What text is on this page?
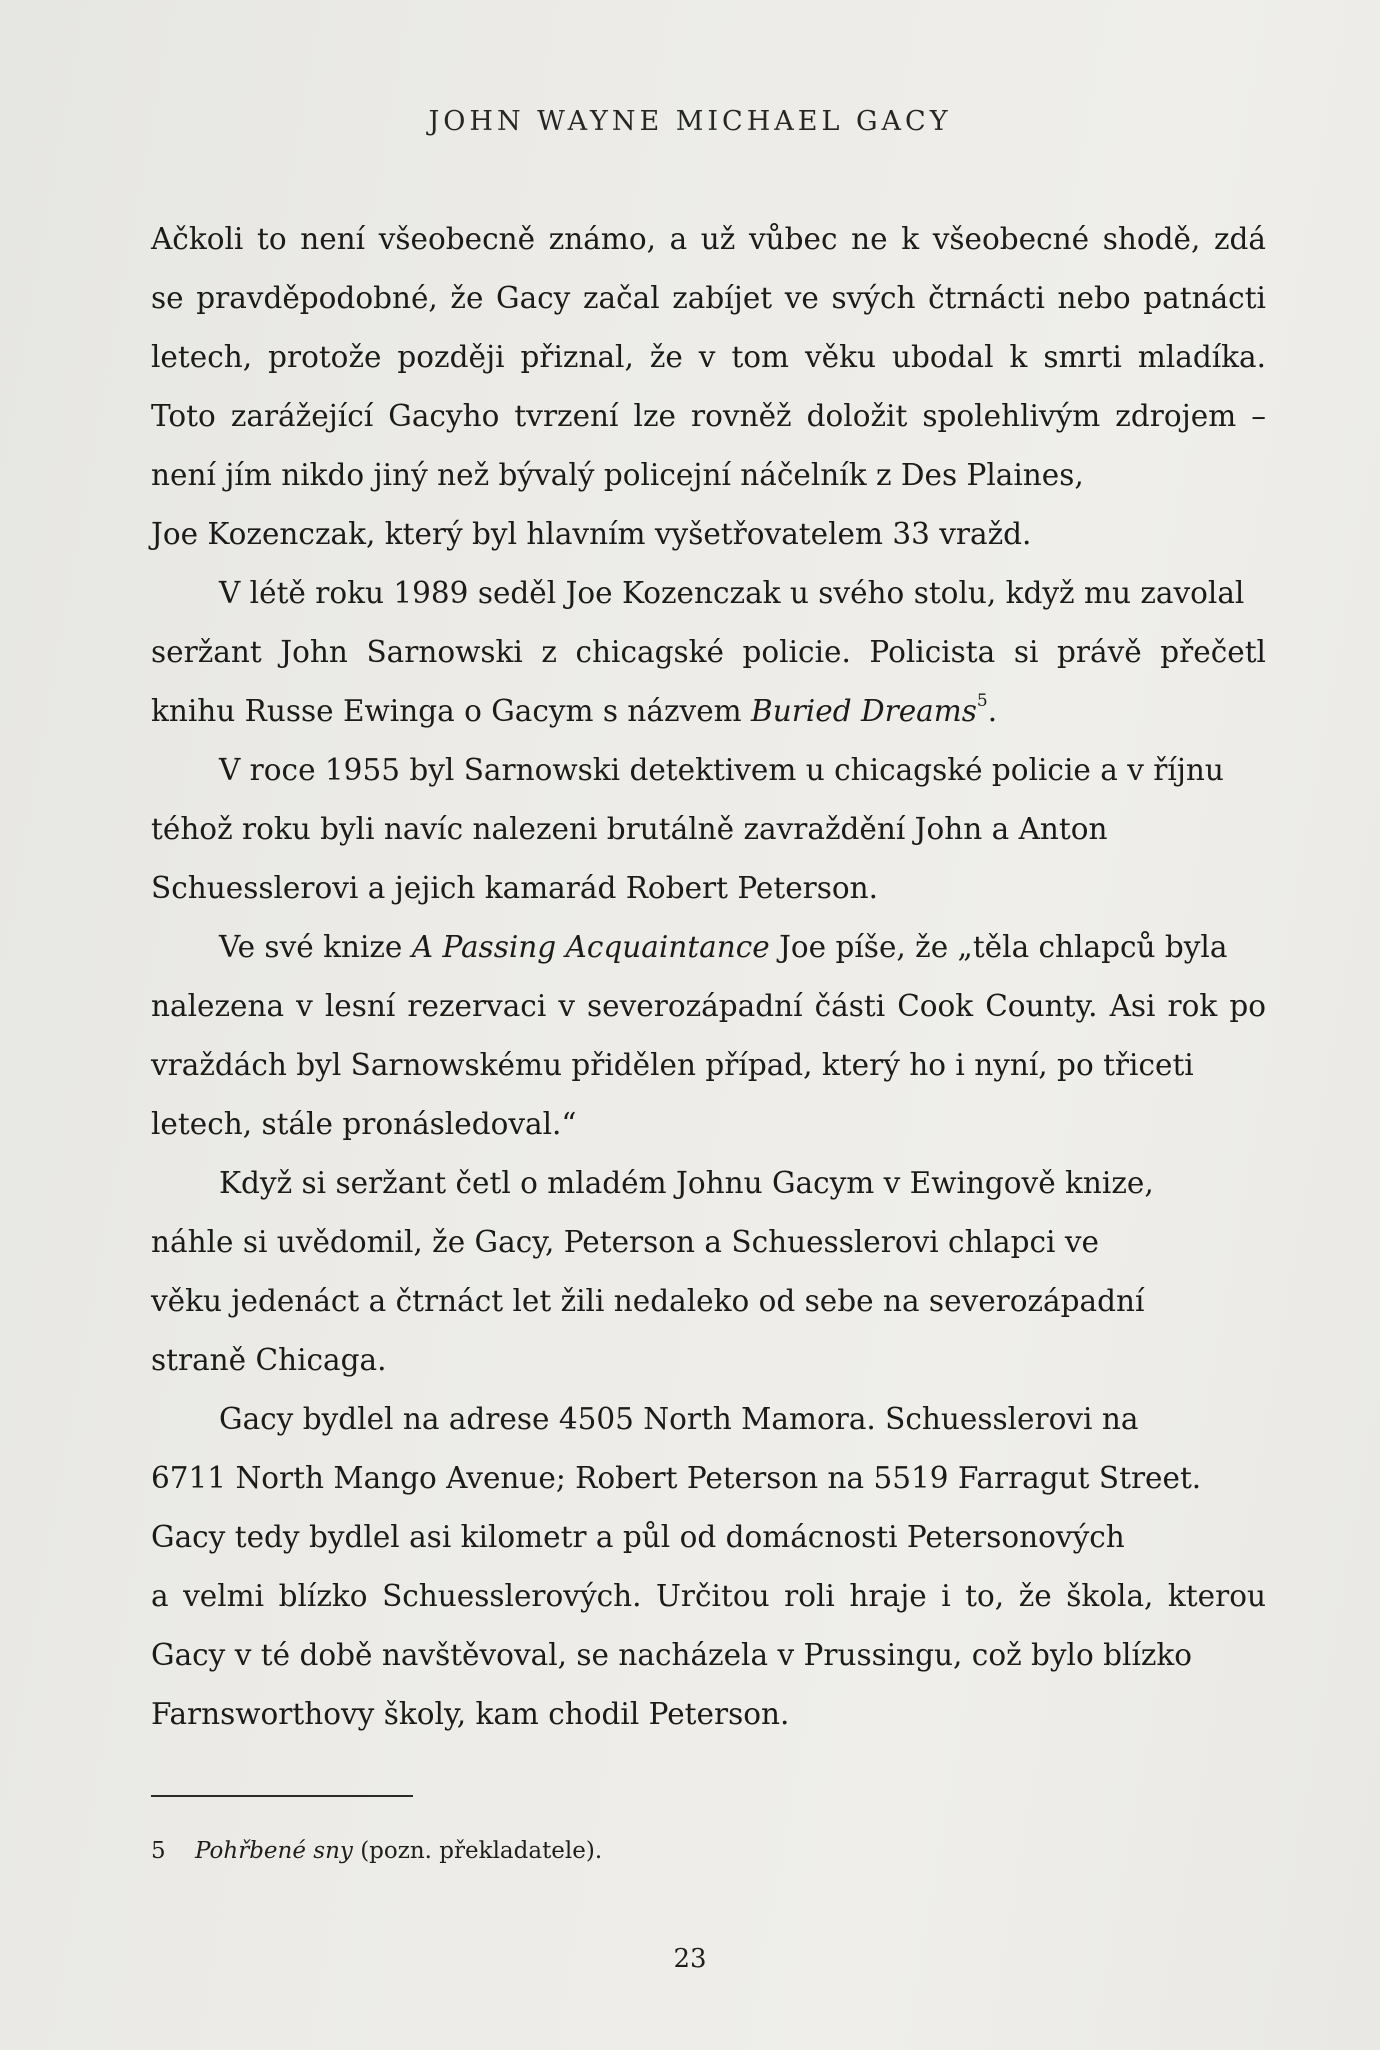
JOHN WAYNE MICHAEL GACY
Ačkoli to není všeobecně známo, a už vůbec ne k všeobecné shodě, zdá
se pravděpodobné, že Gacy začal zabíjet ve svých čtrnácti nebo patnácti
letech, protože později přiznal, že v tom věku ubodal k smrti mladíka.
Toto zarážející Gacyho tvrzení lze rovněž doložit spolehlivým zdrojem –
není jím nikdo jiný než bývalý policejní náčelník z Des Plaines,
Joe Kozenczak, který byl hlavním vyšetřovatelem 33 vražd.
V létě roku 1989 seděl Joe Kozenczak u svého stolu, když mu zavolal
seržant John Sarnowski z chicagské policie. Policista si právě přečetl
knihu Russe Ewinga o Gacym s názvem Buried Dreams$^5$.
V roce 1955 byl Sarnowski detektivem u chicagské policie a v říjnu
téhož roku byli navíc nalezeni brutálně zavraždění John a Anton
Schuesslerovi a jejich kamarád Robert Peterson.
Ve své knize A Passing Acquaintance Joe píše, že „těla chlapců byla
nalezena v lesní rezervaci v severozápadní části Cook County. Asi rok po
vraždách byl Sarnowskému přidělen případ, který ho i nyní, po třiceti
letech, stále pronásledoval.“
Když si seržant četl o mladém Johnu Gacym v Ewingově knize,
náhle si uvědomil, že Gacy, Peterson a Schuesslerovi chlapci ve
věku jedenáct a čtrnáct let žili nedaleko od sebe na severozápadní
straně Chicaga.
Gacy bydlel na adrese 4505 North Mamora. Schuesslerovi na
6711 North Mango Avenue; Robert Peterson na 5519 Farragut Street.
Gacy tedy bydlel asi kilometr a půl od domácnosti Petersonových
a velmi blízko Schuesslerových. Určitou roli hraje i to, že škola, kterou
Gacy v té době navštěvoval, se nacházela v Prussingu, což bylo blízko
Farnsworthovy školy, kam chodil Peterson.
5 Pohřbené sny (pozn. překladatele).
23
